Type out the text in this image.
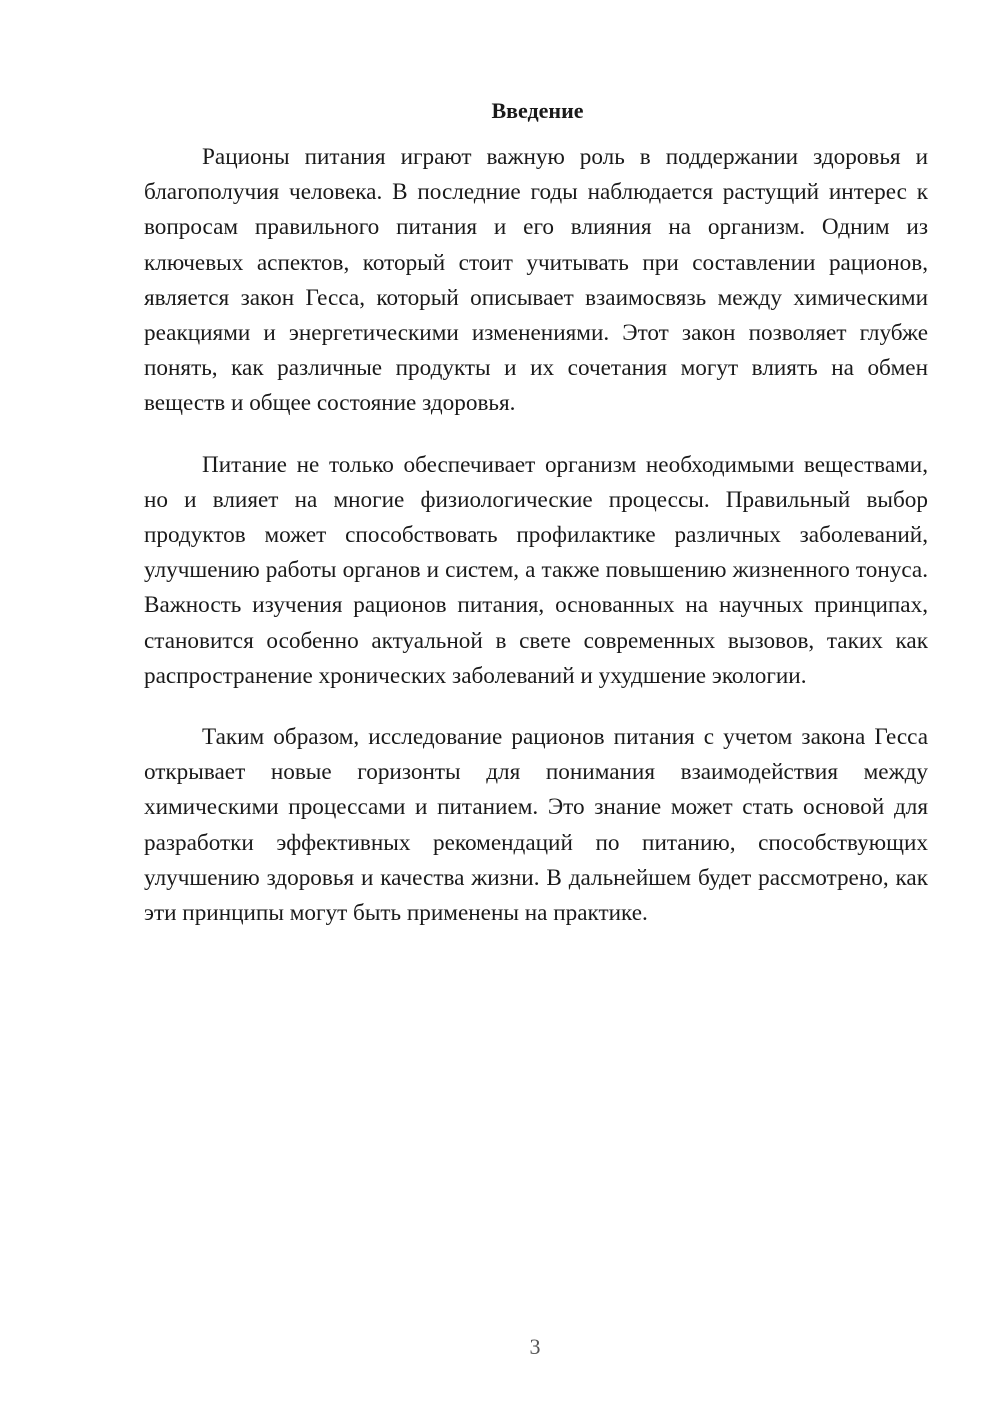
Введение

Рационы питания играют важную роль в поддержании здоровья и благополучия человека. В последние годы наблюдается растущий интерес к вопросам правильного питания и его влияния на организм. Одним из ключевых аспектов, который стоит учитывать при составлении рационов, является закон Гесса, который описывает взаимосвязь между химическими реакциями и энергетическими изменениями. Этот закон позволяет глубже понять, как различные продукты и их сочетания могут влиять на обмен веществ и общее состояние здоровья.

Питание не только обеспечивает организм необходимыми веществами, но и влияет на многие физиологические процессы. Правильный выбор продуктов может способствовать профилактике различных заболеваний, улучшению работы органов и систем, а также повышению жизненного тонуса. Важность изучения рационов питания, основанных на научных принципах, становится особенно актуальной в свете современных вызовов, таких как распространение хронических заболеваний и ухудшение экологии.

Таким образом, исследование рационов питания с учетом закона Гесса открывает новые горизонты для понимания взаимодействия между химическими процессами и питанием. Это знание может стать основой для разработки эффективных рекомендаций по питанию, способствующих улучшению здоровья и качества жизни. В дальнейшем будет рассмотрено, как эти принципы могут быть применены на практике.

3
